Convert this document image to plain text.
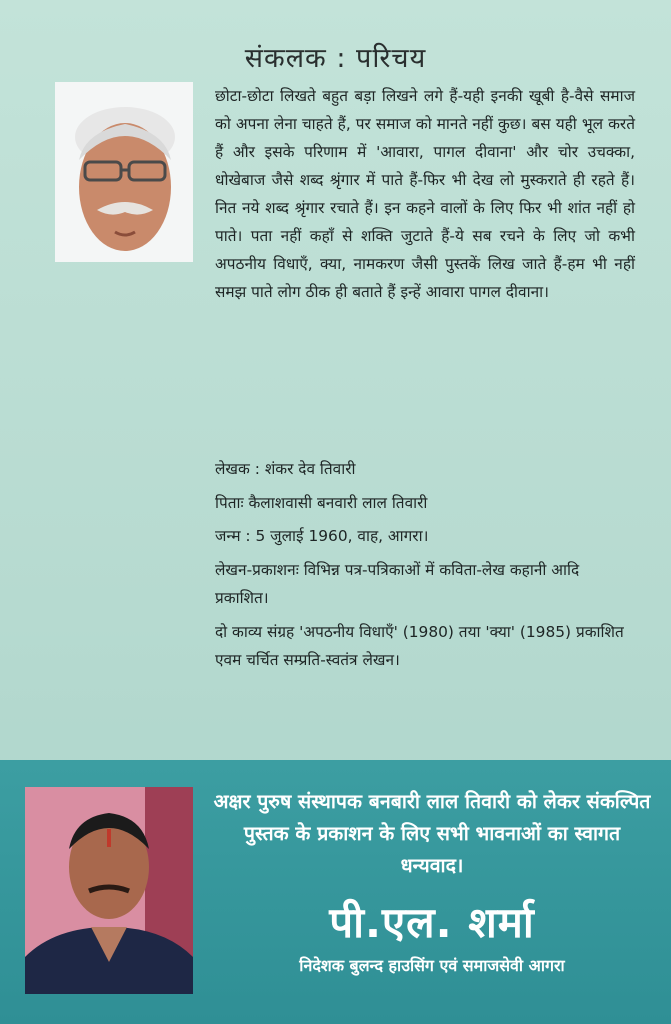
संकलक : परिचय

छोटा-छोटा लिखते बहुत बड़ा लिखने लगे हैं-यही इनकी खूबी है-वैसे समाज को अपना लेना चाहते हैं, पर समाज को मानते नहीं कुछ। बस यही भूल करते हैं और इसके परिणाम में 'आवारा, पागल दीवाना' और चोर उचक्का, धोखेबाज जैसे शब्द श्रृंगार में पाते हैं-फिर भी देख लो मुस्कराते ही रहते हैं। नित नये शब्द श्रृंगार रचाते हैं। इन कहने वालों के लिए फिर भी शांत नहीं हो पाते। पता नहीं कहाँ से शक्ति जुटाते हैं-ये सब रचने के लिए जो कभी अपठनीय विधाएँ, क्या, नामकरण जैसी पुस्तकें लिख जाते हैं-हम भी नहीं समझ पाते लोग ठीक ही बताते हैं इन्हें आवारा पागल दीवाना।

लेखक : शंकर देव तिवारी
पिताः कैलाशवासी बनवारी लाल तिवारी
जन्म : 5 जुलाई 1960, वाह, आगरा।
लेखन-प्रकाशनः विभिन्न पत्र-पत्रिकाओं में कविता-लेख कहानी आदि प्रकाशित।
दो काव्य संग्रह 'अपठनीय विधाएँ' (1980) तया 'क्या' (1985) प्रकाशित एवम चर्चित सम्प्रति-स्वतंत्र लेखन।
अक्षर पुरुष संस्थापक बनबारी लाल तिवारी को लेकर संकल्पित पुस्तक के प्रकाशन के लिए सभी भावनाओं का स्वागत धन्यवाद।
पी.एल. शर्मा
निदेशक बुलन्द हाउसिंग एवं समाजसेवी आगरा
